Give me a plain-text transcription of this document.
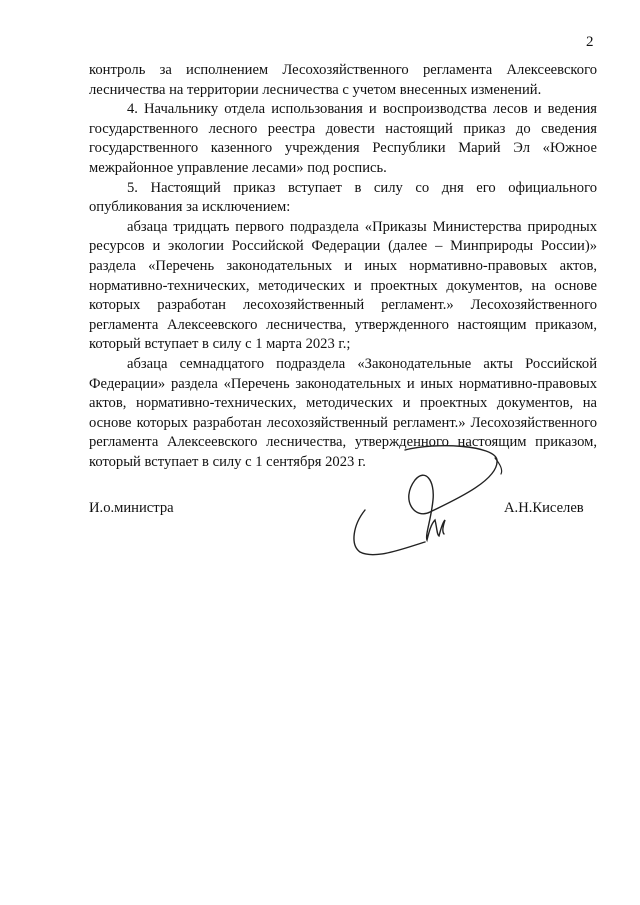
2

контроль за исполнением Лесохозяйственного регламента Алексеевского лесничества на территории лесничества с учетом внесенных изменений.

4. Начальнику отдела использования и воспроизводства лесов и ведения государственного лесного реестра довести настоящий приказ до сведения государственного казенного учреждения Республики Марий Эл «Южное межрайонное управление лесами» под роспись.

5. Настоящий приказ вступает в силу со дня его официального опубликования за исключением:

абзаца тридцать первого подраздела «Приказы Министерства природных ресурсов и экологии Российской Федерации (далее – Минприроды России)» раздела «Перечень законодательных и иных нормативно-правовых актов, нормативно-технических, методических и проектных документов, на основе которых разработан лесохозяйственный регламент.» Лесохозяйственного регламента Алексеевского лесничества, утвержденного настоящим приказом, который вступает в силу с 1 марта 2023 г.;

абзаца семнадцатого подраздела «Законодательные акты Российской Федерации» раздела «Перечень законодательных и иных нормативно-правовых актов, нормативно-технических, методических и проектных документов, на основе которых разработан лесохозяйственный регламент.» Лесохозяйственного регламента Алексеевского лесничества, утвержденного настоящим приказом, который вступает в силу с 1 сентября 2023 г.

И.о.министра	А.Н.Киселев
